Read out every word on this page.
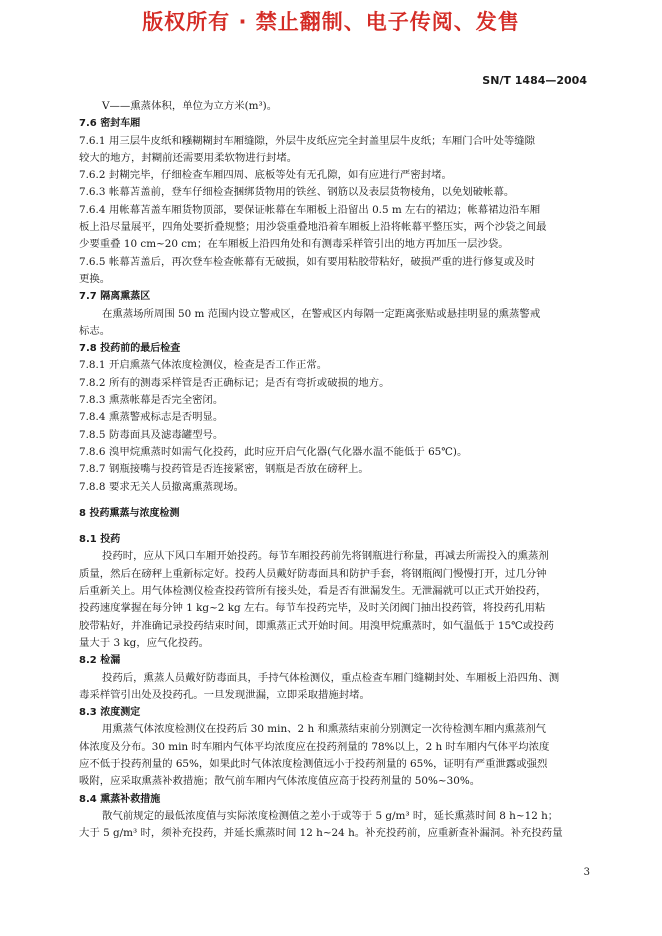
版权所有 · 禁止翻制、电子传阅、发售
SN/T 1484—2004
V——熏蒸体积，单位为立方米(m³)。
7.6 密封车厢
7.6.1 用三层牛皮纸和糨糊糊封车厢缝隙，外层牛皮纸应完全封盖里层牛皮纸；车厢门合叶处等缝隙
较大的地方，封糊前还需要用柔软物进行封堵。
7.6.2 封糊完毕，仔细检查车厢四周、底板等处有无孔隙，如有应进行严密封堵。
7.6.3 帐幕苫盖前，登车仔细检查捆绑货物用的铁丝、钢筋以及表层货物棱角，以免划破帐幕。
7.6.4 用帐幕苫盖车厢货物顶部，要保证帐幕在车厢板上沿留出 0.5 m 左右的裙边；帐幕裙边沿车厢
板上沿尽量展平，四角处要折叠规整；用沙袋重叠地沿着车厢板上沿将帐幕平整压实，两个沙袋之间最
少要重叠 10 cm~20 cm；在车厢板上沿四角处和有测毒采样管引出的地方再加压一层沙袋。
7.6.5 帐幕苫盖后，再次登车检查帐幕有无破损，如有要用粘胶带粘好，破损严重的进行修复或及时
更换。
7.7 隔离熏蒸区
在熏蒸场所周围 50 m 范围内设立警戒区，在警戒区内每隔一定距离张贴或悬挂明显的熏蒸警戒
标志。
7.8 投药前的最后检查
7.8.1 开启熏蒸气体浓度检测仪，检查是否工作正常。
7.8.2 所有的测毒采样管是否正确标记；是否有弯折或破损的地方。
7.8.3 熏蒸帐幕是否完全密闭。
7.8.4 熏蒸警戒标志是否明显。
7.8.5 防毒面具及滤毒罐型号。
7.8.6 溴甲烷熏蒸时如需气化投药，此时应开启气化器(气化器水温不能低于 65℃)。
7.8.7 钢瓶接嘴与投药管是否连接紧密，钢瓶是否放在磅秤上。
7.8.8 要求无关人员撤离熏蒸现场。
8 投药熏蒸与浓度检测
8.1 投药
投药时，应从下风口车厢开始投药。每节车厢投药前先将钢瓶进行称量，再减去所需投入的熏蒸剂
质量，然后在磅秤上重新标定好。投药人员戴好防毒面具和防护手套，将钢瓶阀门慢慢打开，过几分钟
后重新关上。用气体检测仪检查投药管所有接头处，看是否有泄漏发生。无泄漏就可以正式开始投药，
投药速度掌握在每分钟 1 kg~2 kg 左右。每节车投药完毕，及时关闭阀门抽出投药管，将投药孔用粘
胶带粘好，并准确记录投药结束时间，即熏蒸正式开始时间。用溴甲烷熏蒸时，如气温低于 15℃或投药
量大于 3 kg，应气化投药。
8.2 检漏
投药后，熏蒸人员戴好防毒面具，手持气体检测仪，重点检查车厢门缝糊封处、车厢板上沿四角、测
毒采样管引出处及投药孔。一旦发现泄漏，立即采取措施封堵。
8.3 浓度测定
用熏蒸气体浓度检测仪在投药后 30 min、2 h 和熏蒸结束前分别测定一次待检测车厢内熏蒸剂气
体浓度及分布。30 min 时车厢内气体平均浓度应在投药剂量的 78%以上，2 h 时车厢内气体平均浓度
应不低于投药剂量的 65%，如果此时气体浓度检测值远小于投药剂量的 65%，证明有严重泄露或强烈
吸附，应采取熏蒸补救措施；散气前车厢内气体浓度值应高于投药剂量的 50%~30%。
8.4 熏蒸补救措施
散气前规定的最低浓度值与实际浓度检测值之差小于或等于 5 g/m³ 时，延长熏蒸时间 8 h~12 h；
大于 5 g/m³ 时，须补充投药，并延长熏蒸时间 12 h~24 h。补充投药前，应重新查补漏洞。补充投药量
3
